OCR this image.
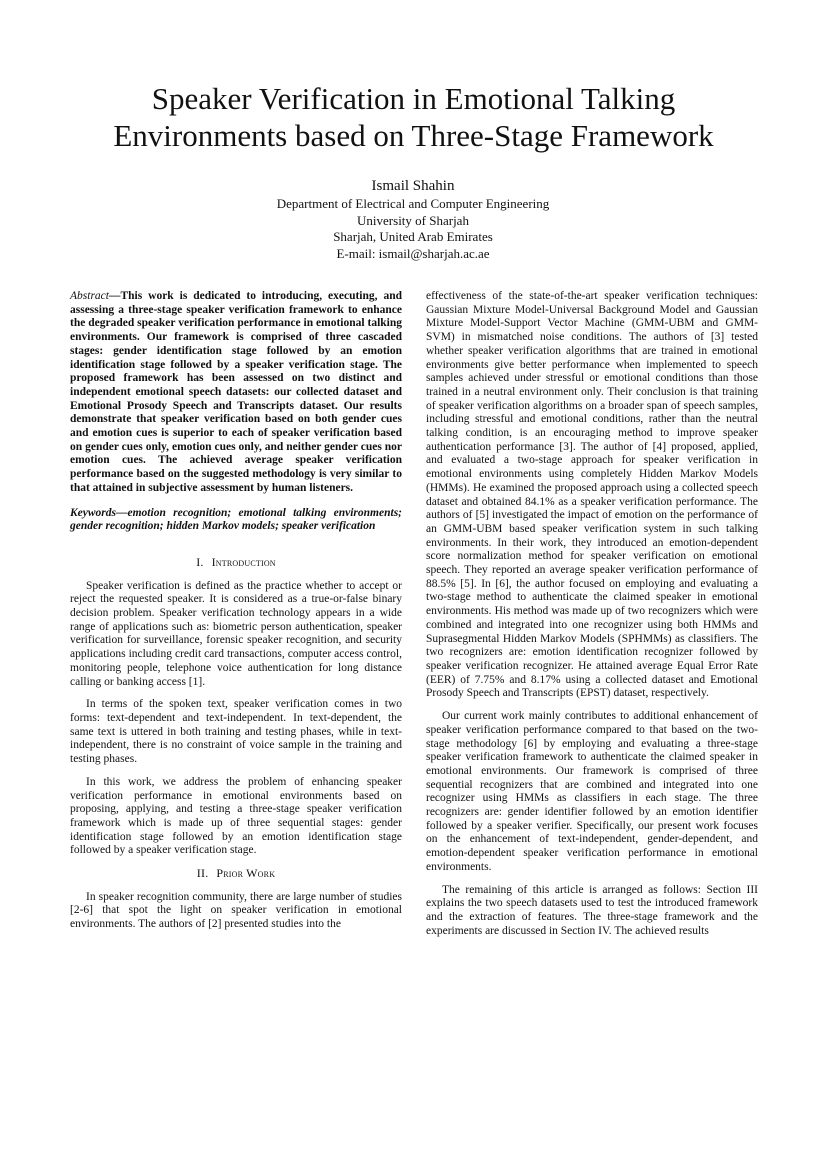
Speaker Verification in Emotional Talking
Environments based on Three-Stage Framework
Ismail Shahin
Department of Electrical and Computer Engineering
University of Sharjah
Sharjah, United Arab Emirates
E-mail: ismail@sharjah.ac.ae

Abstract—This work is dedicated to introducing, executing, and assessing a three-stage speaker verification framework to enhance the degraded speaker verification performance in emotional talking environments. Our framework is comprised of three cascaded stages: gender identification stage followed by an emotion identification stage followed by a speaker verification stage. The proposed framework has been assessed on two distinct and independent emotional speech datasets: our collected dataset and Emotional Prosody Speech and Transcripts dataset. Our results demonstrate that speaker verification based on both gender cues and emotion cues is superior to each of speaker verification based on gender cues only, emotion cues only, and neither gender cues nor emotion cues. The achieved average speaker verification performance based on the suggested methodology is very similar to that attained in subjective assessment by human listeners.

Keywords—emotion recognition; emotional talking environments; gender recognition; hidden Markov models; speaker verification

I. Introduction

Speaker verification is defined as the practice whether to accept or reject the requested speaker. It is considered as a true-or-false binary decision problem. Speaker verification technology appears in a wide range of applications such as: biometric person authentication, speaker verification for surveillance, forensic speaker recognition, and security applications including credit card transactions, computer access control, monitoring people, telephone voice authentication for long distance calling or banking access [1].

In terms of the spoken text, speaker verification comes in two forms: text-dependent and text-independent. In text-dependent, the same text is uttered in both training and testing phases, while in text-independent, there is no constraint of voice sample in the training and testing phases.

In this work, we address the problem of enhancing speaker verification performance in emotional environments based on proposing, applying, and testing a three-stage speaker verification framework which is made up of three sequential stages: gender identification stage followed by an emotion identification stage followed by a speaker verification stage.

II. Prior Work

In speaker recognition community, there are large number of studies [2-6] that spot the light on speaker verification in emotional environments. The authors of [2] presented studies into the

effectiveness of the state-of-the-art speaker verification techniques: Gaussian Mixture Model-Universal Background Model and Gaussian Mixture Model-Support Vector Machine (GMM-UBM and GMM-SVM) in mismatched noise conditions. The authors of [3] tested whether speaker verification algorithms that are trained in emotional environments give better performance when implemented to speech samples achieved under stressful or emotional conditions than those trained in a neutral environment only. Their conclusion is that training of speaker verification algorithms on a broader span of speech samples, including stressful and emotional conditions, rather than the neutral talking condition, is an encouraging method to improve speaker authentication performance [3]. The author of [4] proposed, applied, and evaluated a two-stage approach for speaker verification in emotional environments using completely Hidden Markov Models (HMMs). He examined the proposed approach using a collected speech dataset and obtained 84.1% as a speaker verification performance. The authors of [5] investigated the impact of emotion on the performance of an GMM-UBM based speaker verification system in such talking environments. In their work, they introduced an emotion-dependent score normalization method for speaker verification on emotional speech. They reported an average speaker verification performance of 88.5% [5]. In [6], the author focused on employing and evaluating a two-stage method to authenticate the claimed speaker in emotional environments. His method was made up of two recognizers which were combined and integrated into one recognizer using both HMMs and Suprasegmental Hidden Markov Models (SPHMMs) as classifiers. The two recognizers are: emotion identification recognizer followed by speaker verification recognizer. He attained average Equal Error Rate (EER) of 7.75% and 8.17% using a collected dataset and Emotional Prosody Speech and Transcripts (EPST) dataset, respectively.

Our current work mainly contributes to additional enhancement of speaker verification performance compared to that based on the two-stage methodology [6] by employing and evaluating a three-stage speaker verification framework to authenticate the claimed speaker in emotional environments. Our framework is comprised of three sequential recognizers that are combined and integrated into one recognizer using HMMs as classifiers in each stage. The three recognizers are: gender identifier followed by an emotion identifier followed by a speaker verifier. Specifically, our present work focuses on the enhancement of text-independent, gender-dependent, and emotion-dependent speaker verification performance in emotional environments.

The remaining of this article is arranged as follows: Section III explains the two speech datasets used to test the introduced framework and the extraction of features. The three-stage framework and the experiments are discussed in Section IV. The achieved results
